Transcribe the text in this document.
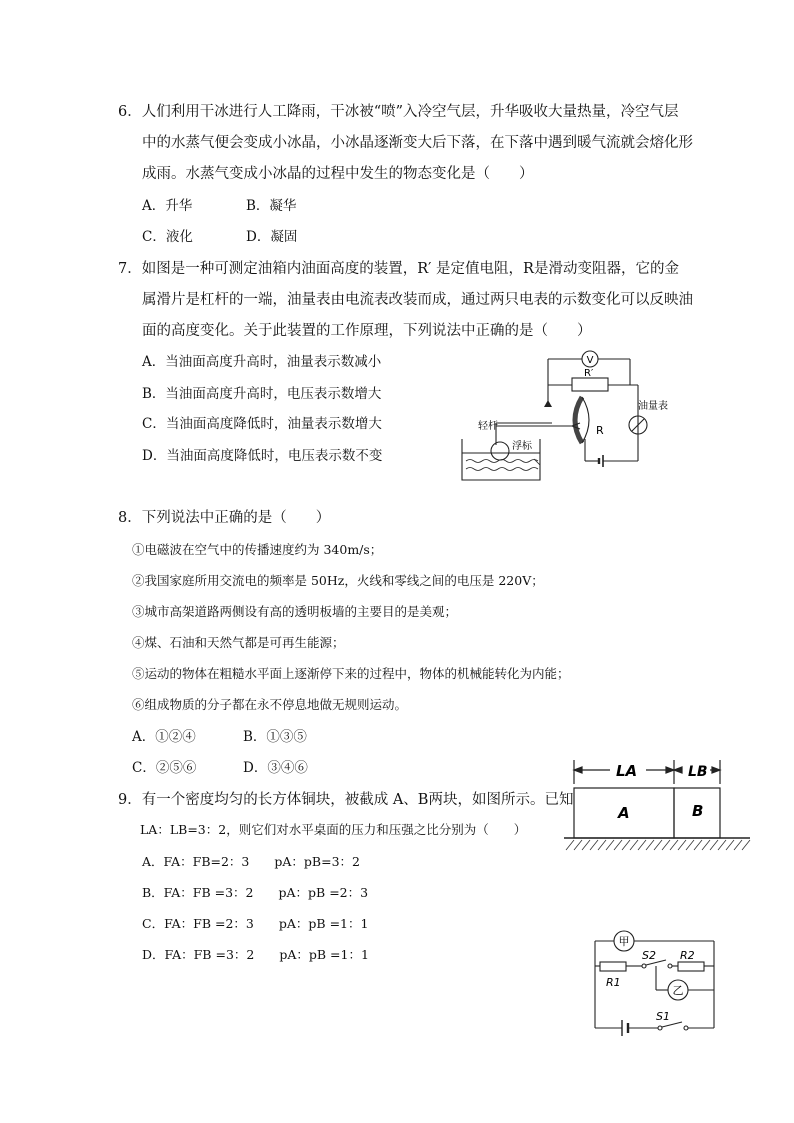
6．人们利用干冰进行人工降雨，干冰被“喷”入冷空气层，升华吸收大量热量，冷空气层
中的水蒸气便会变成小冰晶，小冰晶逐渐变大后下落，在下落中遇到暖气流就会熔化形
成雨。水蒸气变成小冰晶的过程中发生的物态变化是（　　）
A．升华	B．凝华
C．液化	D．凝固
7．如图是一种可测定油箱内油面高度的装置，R′ 是定值电阻，R是滑动变阻器，它的金
属滑片是杠杆的一端，油量表由电流表改装而成，通过两只电表的示数变化可以反映油
面的高度变化。关于此装置的工作原理，下列说法中正确的是（　　）
A．当油面高度升高时，油量表示数减小
B．当油面高度升高时，电压表示数增大
C．当油面高度降低时，油量表示数增大
D．当油面高度降低时，电压表示数不变
V
R′
R
油量表
轻杆
浮标
8．下列说法中正确的是（　　）
①电磁波在空气中的传播速度约为 340m/s；
②我国家庭所用交流电的频率是 50Hz，火线和零线之间的电压是 220V；
③城市高架道路两侧设有高的透明板墙的主要目的是美观；
④煤、石油和天然气都是可再生能源；
⑤运动的物体在粗糙水平面上逐渐停下来的过程中，物体的机械能转化为内能；
⑥组成物质的分子都在永不停息地做无规则运动。
A．①②④	B．①③⑤
C．②⑤⑥	D．③④⑥
9．有一个密度均匀的长方体铜块，被截成 A、B两块，如图所示。已知
LA：LB=3：2，则它们对水平桌面的压力和压强之比分别为（　　）
A．FA：FB=2：3　　pA：pB=3：2
B．FA：FB =3：2　　pA：pB =2：3
C．FA：FB =2：3　　pA：pB =1：1
D．FA：FB =3：2　　pA：pB =1：1
LA	LB
A	B
甲
乙
S2 R2
R1
S1
